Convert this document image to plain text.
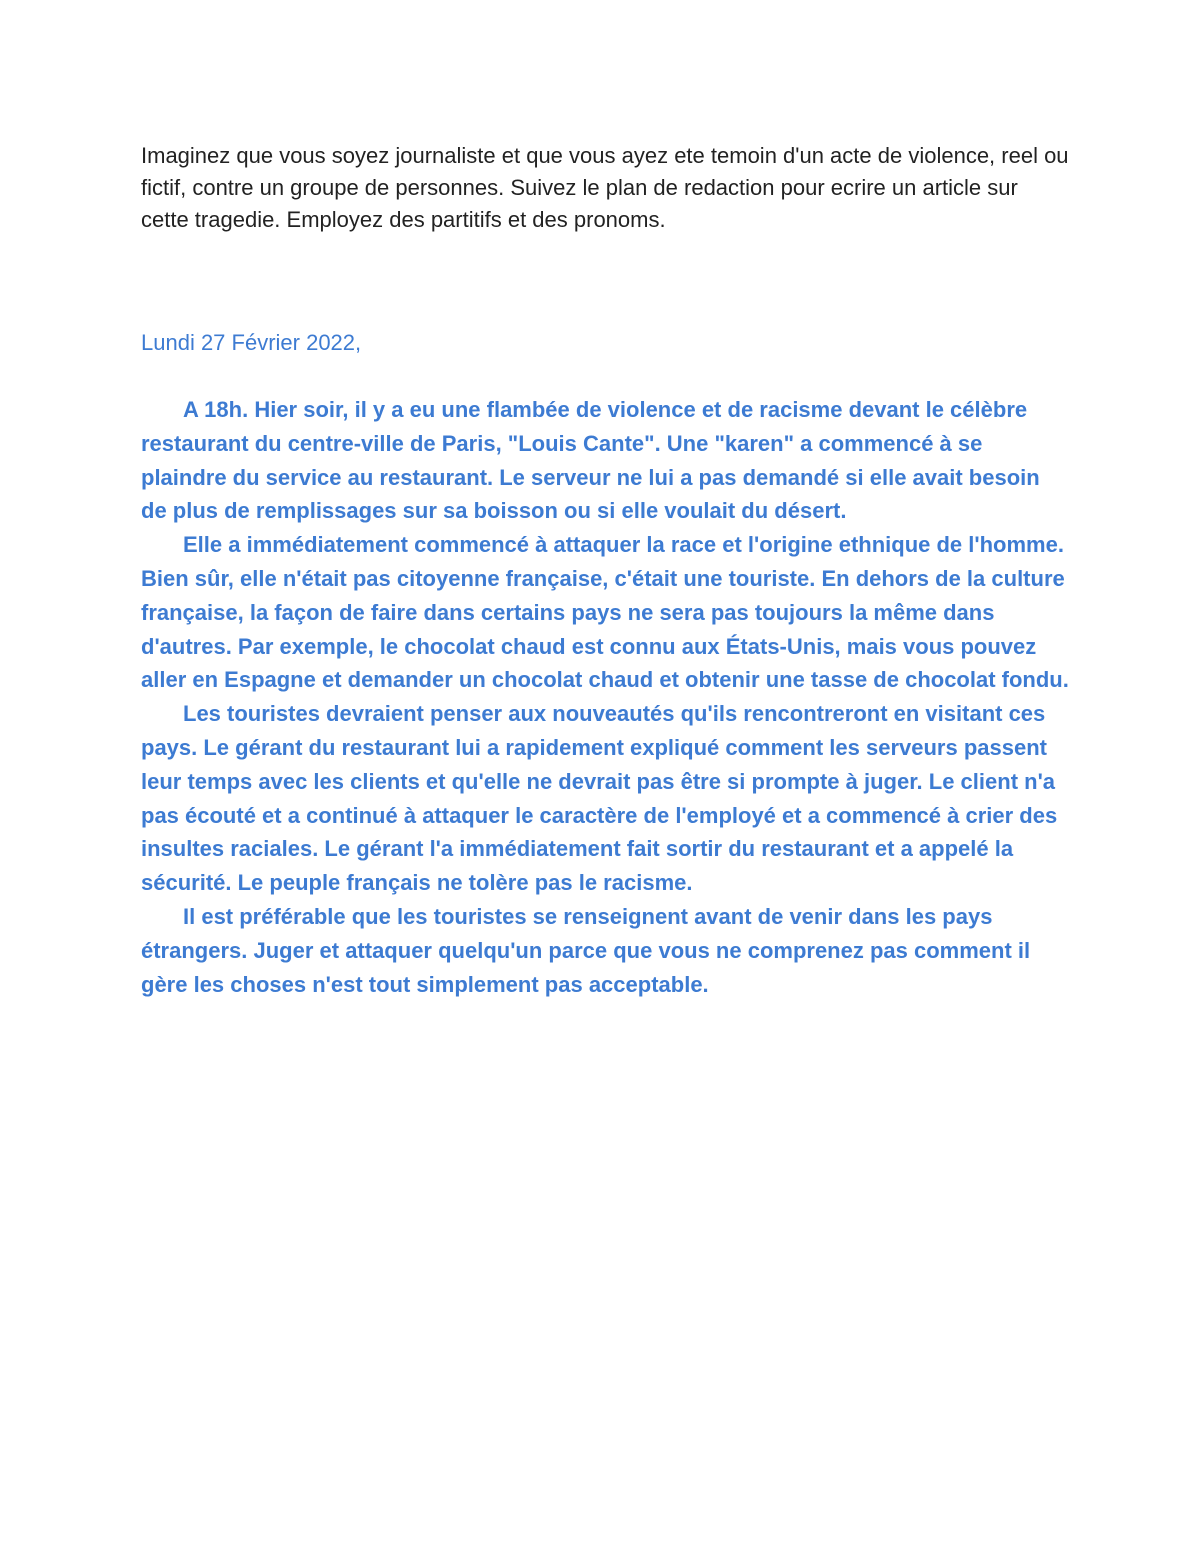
Imaginez que vous soyez journaliste et que vous ayez ete temoin d'un acte de violence, reel ou fictif, contre un groupe de personnes. Suivez le plan de redaction pour ecrire un article sur cette tragedie. Employez des partitifs et des pronoms.

Lundi 27 Février 2022,

A 18h. Hier soir, il y a eu une flambée de violence et de racisme devant le célèbre restaurant du centre-ville de Paris, "Louis Cante". Une "karen" a commencé à se plaindre du service au restaurant. Le serveur ne lui a pas demandé si elle avait besoin de plus de remplissages sur sa boisson ou si elle voulait du désert.

Elle a immédiatement commencé à attaquer la race et l'origine ethnique de l'homme. Bien sûr, elle n'était pas citoyenne française, c'était une touriste. En dehors de la culture française, la façon de faire dans certains pays ne sera pas toujours la même dans d'autres. Par exemple, le chocolat chaud est connu aux États-Unis, mais vous pouvez aller en Espagne et demander un chocolat chaud et obtenir une tasse de chocolat fondu.

Les touristes devraient penser aux nouveautés qu'ils rencontreront en visitant ces pays. Le gérant du restaurant lui a rapidement expliqué comment les serveurs passent leur temps avec les clients et qu'elle ne devrait pas être si prompte à juger. Le client n'a pas écouté et a continué à attaquer le caractère de l'employé et a commencé à crier des insultes raciales. Le gérant l'a immédiatement fait sortir du restaurant et a appelé la sécurité. Le peuple français ne tolère pas le racisme.

Il est préférable que les touristes se renseignent avant de venir dans les pays étrangers. Juger et attaquer quelqu'un parce que vous ne comprenez pas comment il gère les choses n'est tout simplement pas acceptable.
